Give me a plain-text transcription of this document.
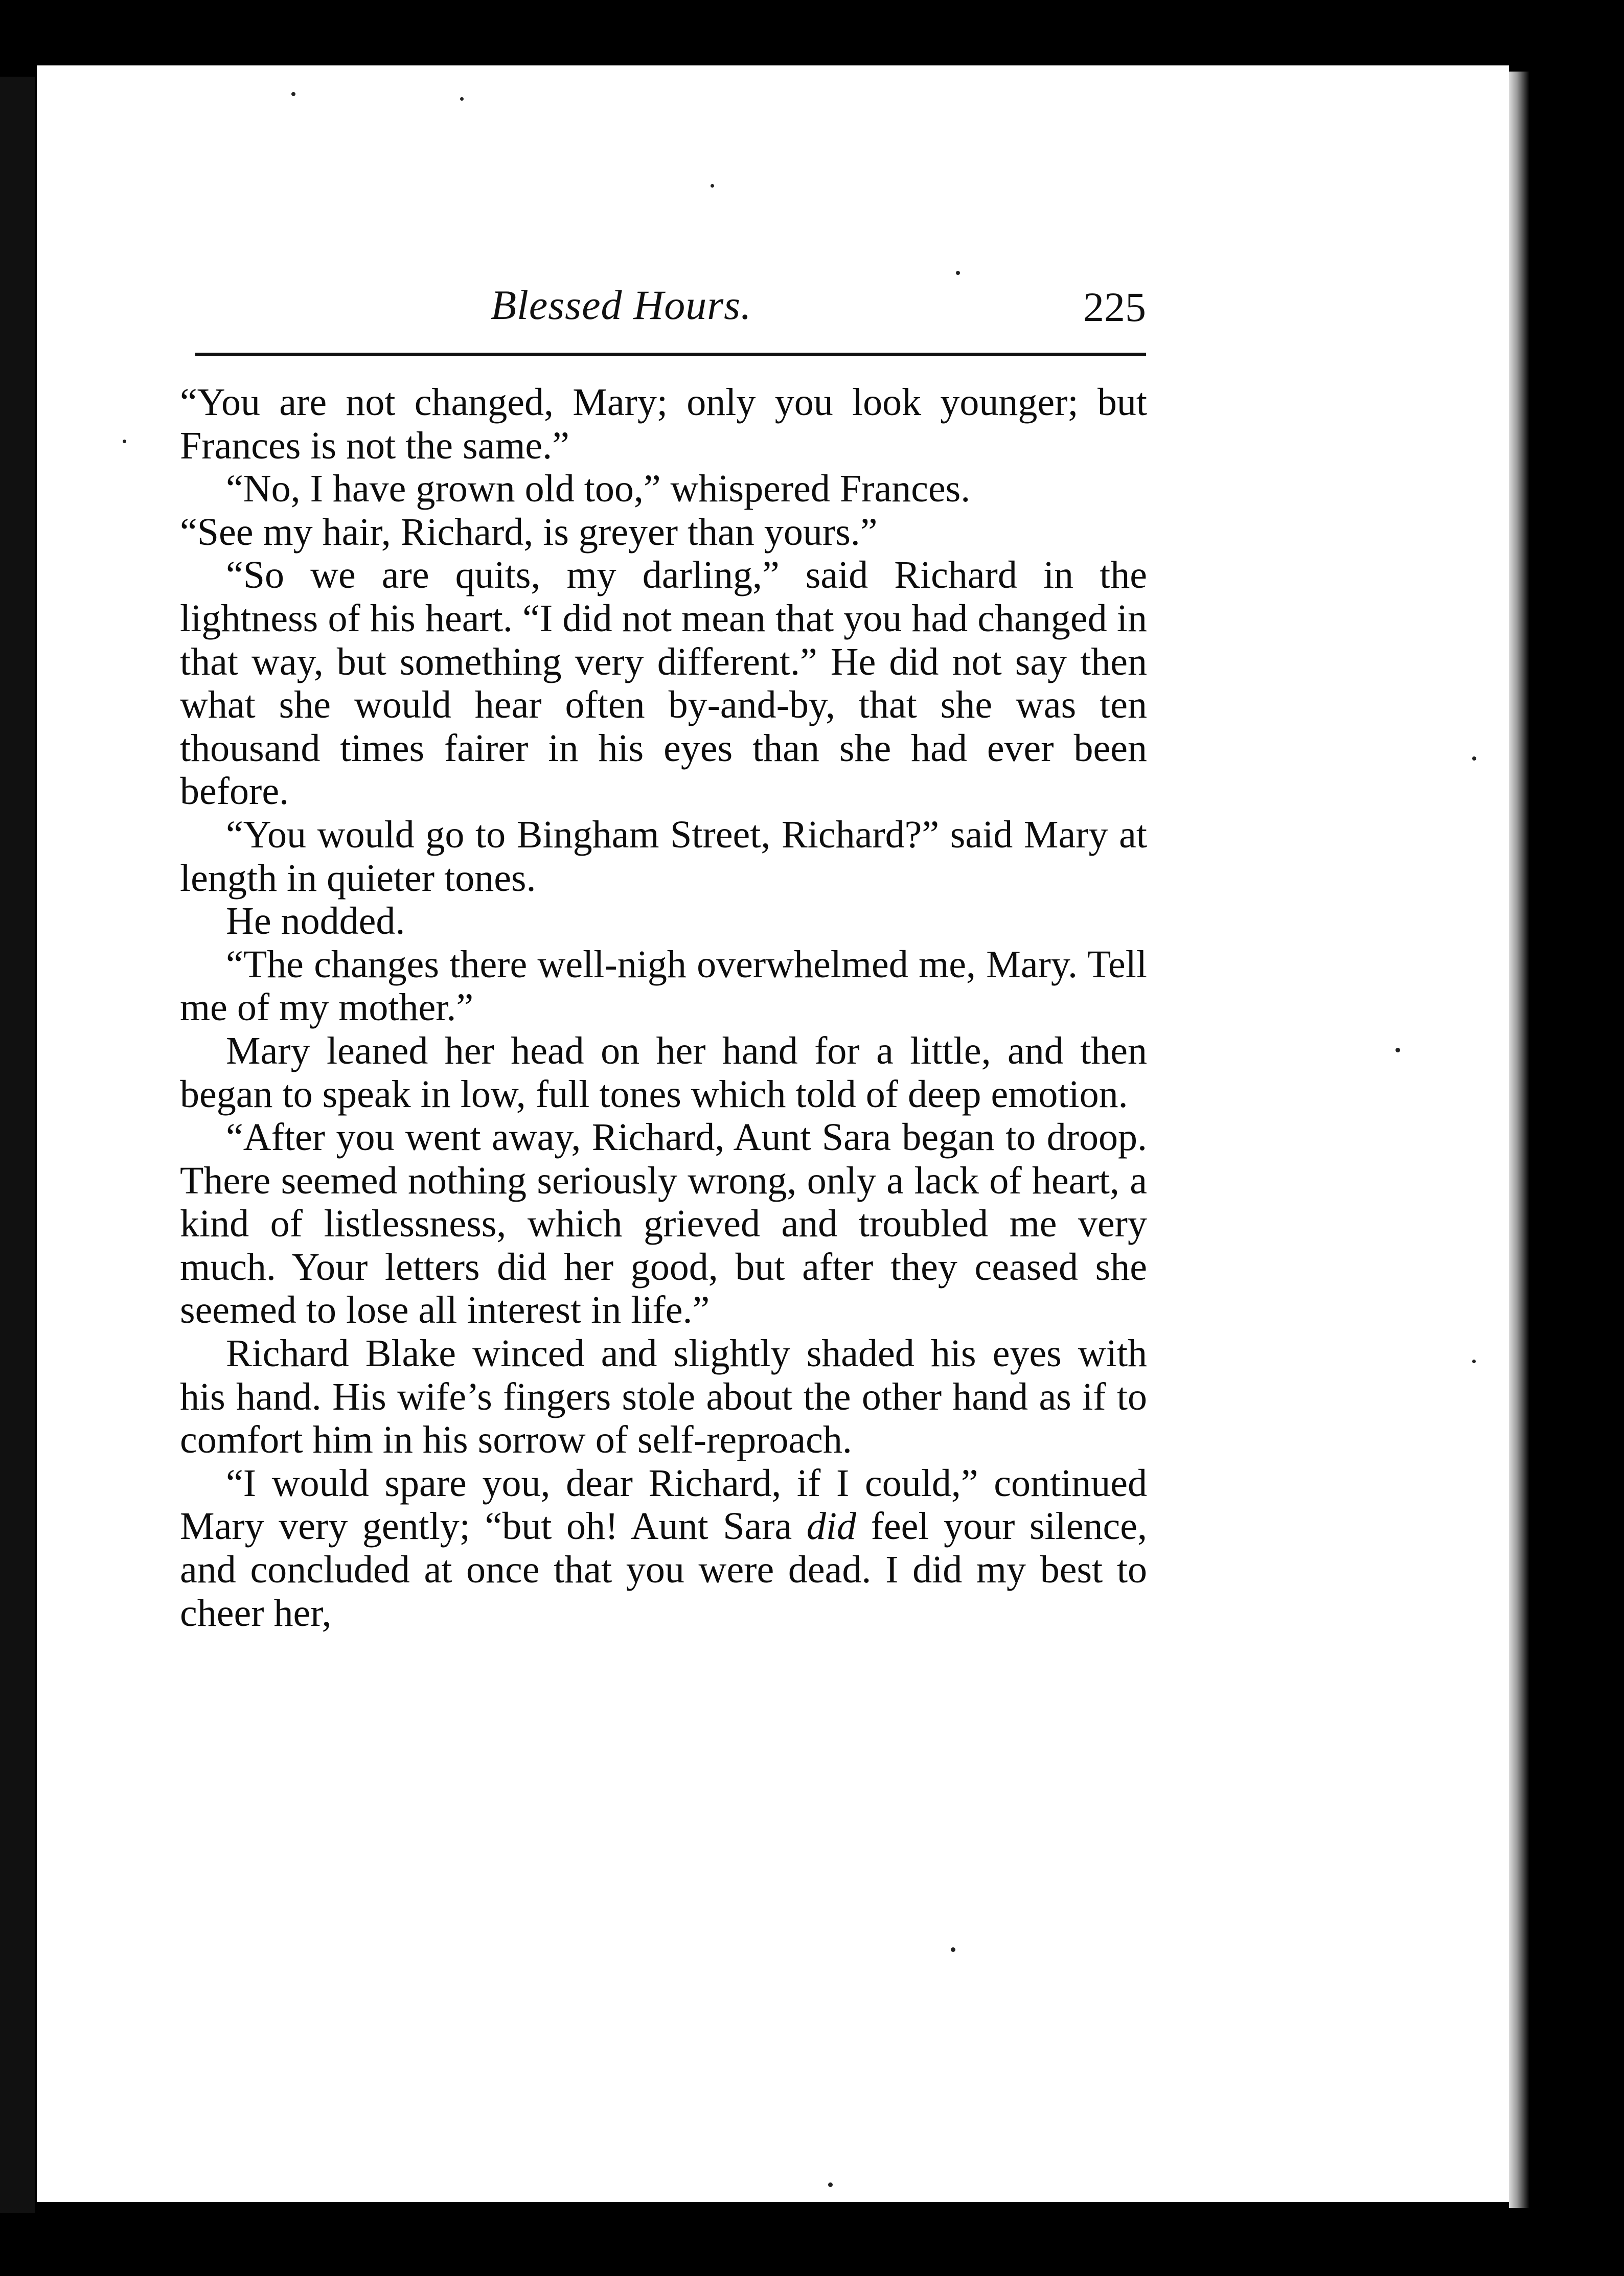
Blessed Hours.	225

“You are not changed, Mary; only you look younger; but Frances is not the same.”

“No, I have grown old too,” whispered Frances.

“See my hair, Richard, is greyer than yours.”

“So we are quits, my darling,” said Richard in the lightness of his heart. “I did not mean that you had changed in that way, but something very different.” He did not say then what she would hear often by-and-by, that she was ten thousand times fairer in his eyes than she had ever been before.

“You would go to Bingham Street, Richard?” said Mary at length in quieter tones.

He nodded.

“The changes there well-nigh overwhelmed me, Mary. Tell me of my mother.”

Mary leaned her head on her hand for a little, and then began to speak in low, full tones which told of deep emotion.

“After you went away, Richard, Aunt Sara began to droop. There seemed nothing seriously wrong, only a lack of heart, a kind of listlessness, which grieved and troubled me very much. Your letters did her good, but after they ceased she seemed to lose all interest in life.”

Richard Blake winced and slightly shaded his eyes with his hand. His wife’s fingers stole about the other hand as if to comfort him in his sorrow of self-reproach.

“I would spare you, dear Richard, if I could,” continued Mary very gently; “but oh! Aunt Sara did feel your silence, and concluded at once that you were dead. I did my best to cheer her,
